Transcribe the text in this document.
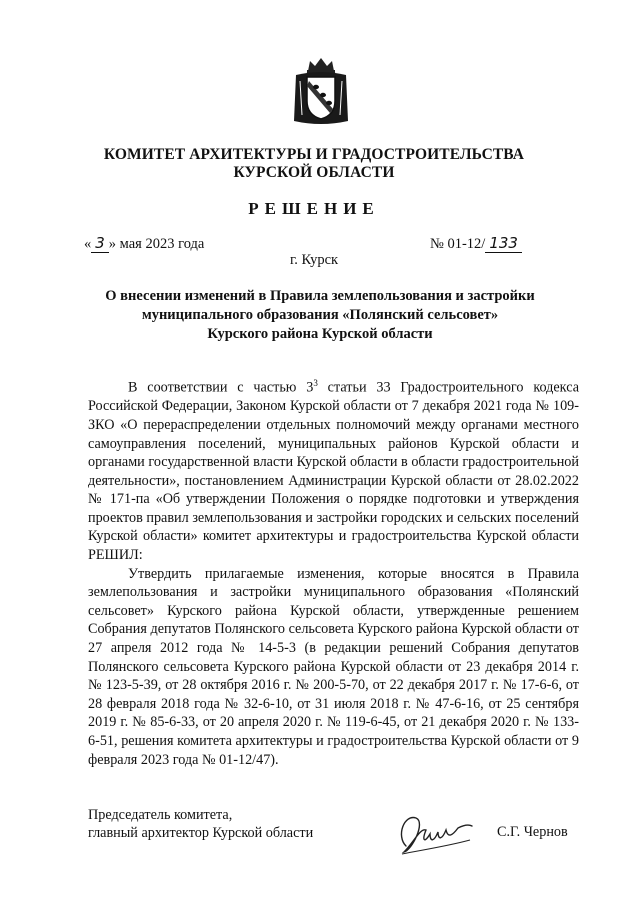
КОМИТЕТ АРХИТЕКТУРЫ И ГРАДОСТРОИТЕЛЬСТВА
КУРСКОЙ ОБЛАСТИ
РЕШЕНИЕ
« 3 » мая 2023 года	№ 01-12/ 133
г. Курск
О внесении изменений в Правила землепользования и застройки
муниципального образования «Полянский сельсовет»
Курского района Курской области

В соответствии с частью $3^3$ статьи 33 Градостроительного кодекса Российской Федерации, Законом Курской области от 7 декабря 2021 года № 109-ЗКО «О перераспределении отдельных полномочий между органами местного самоуправления поселений, муниципальных районов Курской области и органами государственной власти Курской области в области градостроительной деятельности», постановлением Администрации Курской области от 28.02.2022 № 171-па «Об утверждении Положения о порядке подготовки и утверждения проектов правил землепользования и застройки городских и сельских поселений Курской области» комитет архитектуры и градостроительства Курской области РЕШИЛ:

Утвердить прилагаемые изменения, которые вносятся в Правила землепользования и застройки муниципального образования «Полянский сельсовет» Курского района Курской области, утвержденные решением Собрания депутатов Полянского сельсовета Курского района Курской области от 27 апреля 2012 года № 14-5-3 (в редакции решений Собрания депутатов Полянского сельсовета Курского района Курской области от 23 декабря 2014 г. № 123-5-39, от 28 октября 2016 г. № 200-5-70, от 22 декабря 2017 г. № 17-6-6, от 28 февраля 2018 года № 32-6-10, от 31 июля 2018 г. № 47-6-16, от 25 сентября 2019 г. № 85-6-33, от 20 апреля 2020 г. № 119-6-45, от 21 декабря 2020 г. № 133-6-51, решения комитета архитектуры и градостроительства Курской области от 9 февраля 2023 года № 01-12/47).

Председатель комитета,
главный архитектор Курской области	С.Г. Чернов
